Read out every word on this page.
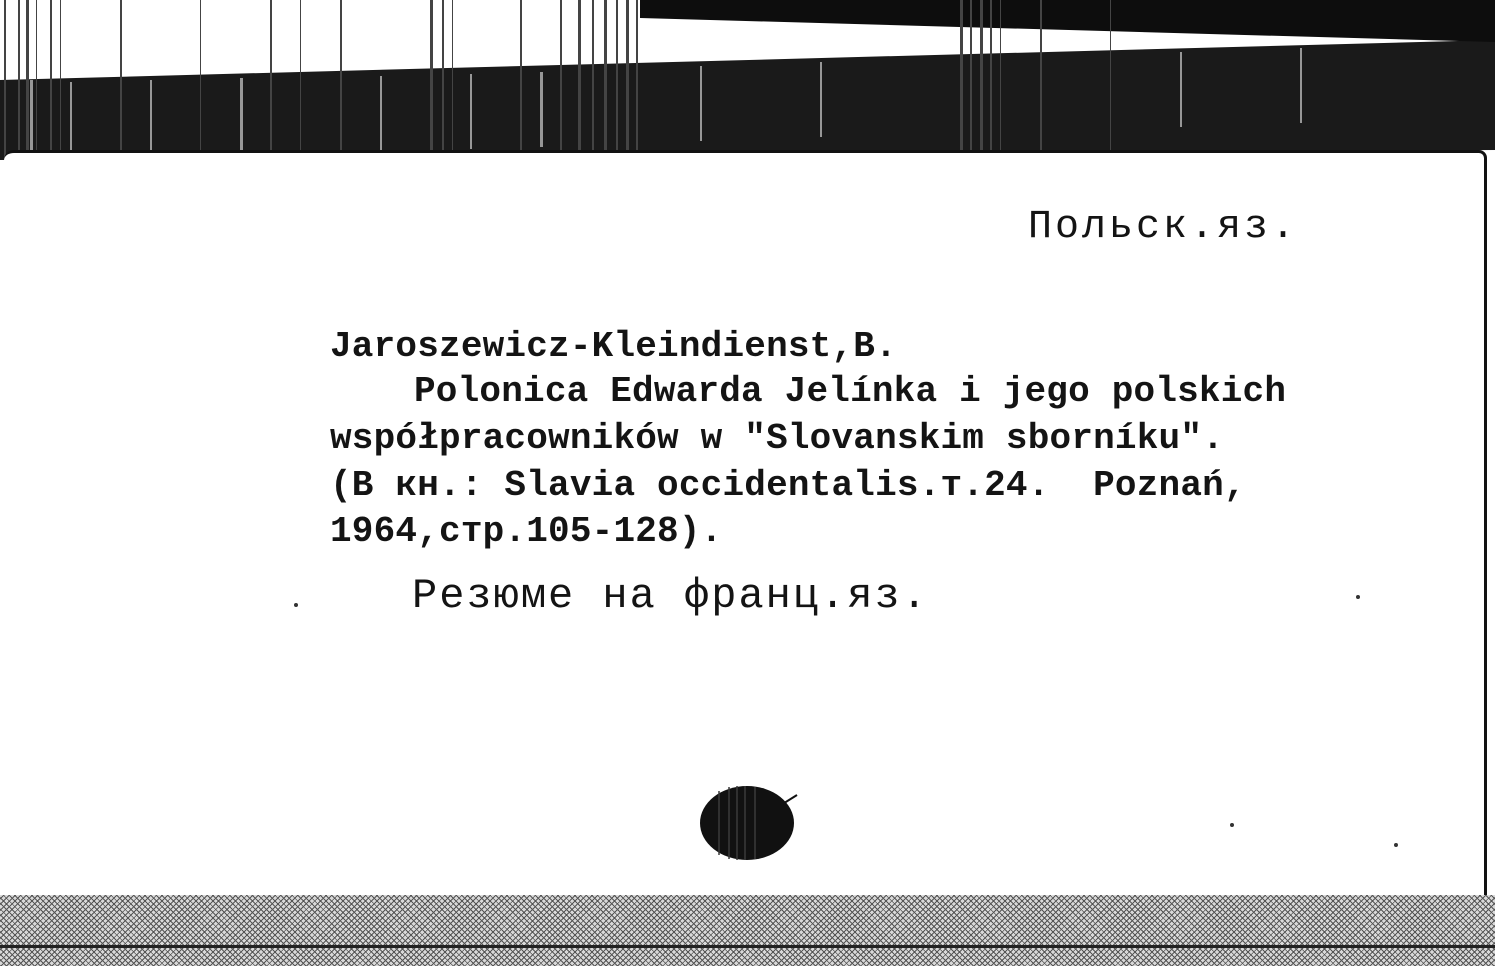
Польск.яз.
Jaroszewicz-Kleindienst,B.
Polonica Edwarda Jelínka i jego polskich
współpracowników w "Slovanskim sborníku".
(В кн.: Slavia occidentalis.т.24.  Poznań,
1964,стр.105-128).
Резюме на франц.яз.
